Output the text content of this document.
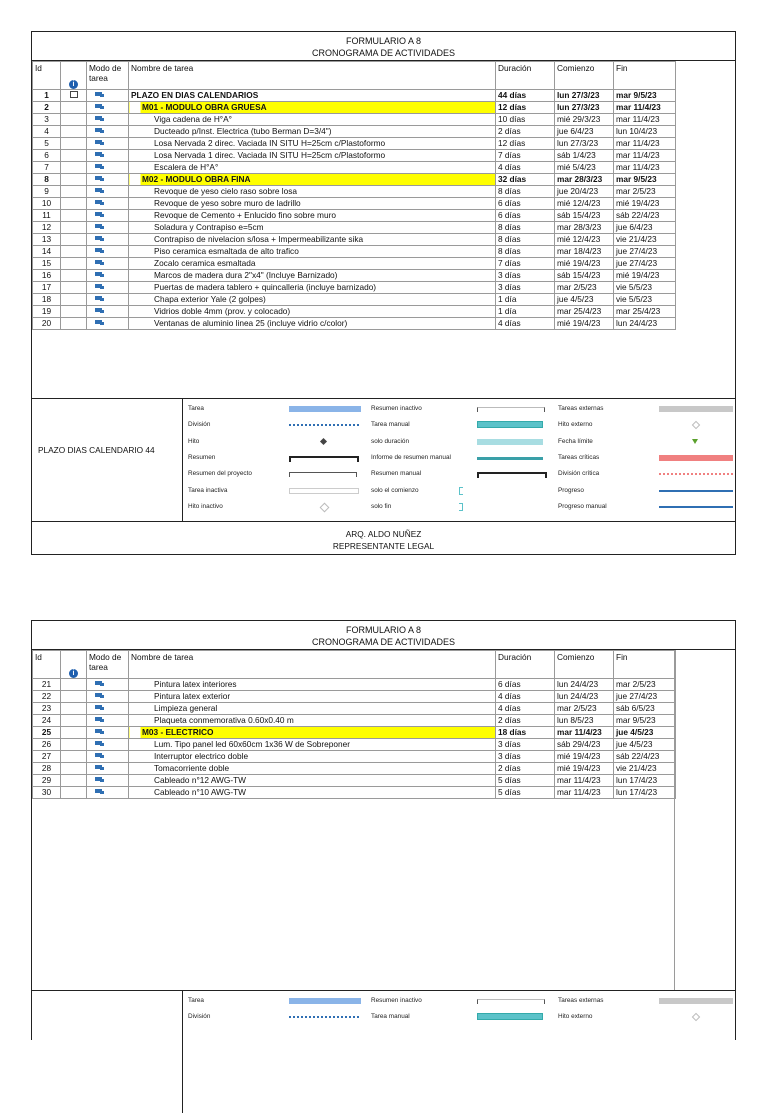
FORMULARIO A 8
CRONOGRAMA DE ACTIVIDADES
Id	i	Modo de tarea	Nombre de tarea	Duración	Comienzo	Fin
1			PLAZO EN DIAS CALENDARIOS	44 días	lun 27/3/23	mar 9/5/23
2			M01 - MODULO OBRA GRUESA	12 días	lun 27/3/23	mar 11/4/23
3			Viga cadena de H°A°	10 días	mié 29/3/23	mar 11/4/23
4			Ducteado p/Inst. Electrica (tubo Berman D=3/4")	2 días	jue 6/4/23	lun 10/4/23
5			Losa Nervada 2 direc. Vaciada IN SITU H=25cm c/Plastoformo	12 días	lun 27/3/23	mar 11/4/23
6			Losa Nervada 1 direc. Vaciada IN SITU H=25cm c/Plastoformo	7 días	sáb 1/4/23	mar 11/4/23
7			Escalera de H°A°	4 días	mié 5/4/23	mar 11/4/23
8			M02 - MODULO OBRA FINA	32 días	mar 28/3/23	mar 9/5/23
9			Revoque de yeso cielo raso sobre losa	8 días	jue 20/4/23	mar 2/5/23
10			Revoque de yeso sobre muro de ladrillo	6 días	mié 12/4/23	mié 19/4/23
11			Revoque de Cemento + Enlucido fino sobre muro	6 días	sáb 15/4/23	sáb 22/4/23
12			Soladura y Contrapiso e=5cm	8 días	mar 28/3/23	jue 6/4/23
13			Contrapiso de nivelacion s/losa + Impermeabilizante sika	8 días	mié 12/4/23	vie 21/4/23
14			Piso ceramica esmaltada de alto trafico	8 días	mar 18/4/23	jue 27/4/23
15			Zocalo ceramica esmaltada	7 días	mié 19/4/23	jue 27/4/23
16			Marcos de madera dura 2"x4" (Incluye Barnizado)	3 días	sáb 15/4/23	mié 19/4/23
17			Puertas de madera tablero + quincalleria (incluye barnizado)	3 días	mar 2/5/23	vie 5/5/23
18			Chapa exterior Yale (2 golpes)	1 día	jue 4/5/23	vie 5/5/23
19			Vidrios doble 4mm (prov. y colocado)	1 día	mar 25/4/23	mar 25/4/23
20			Ventanas de aluminio linea 25 (incluye vidrio c/color)	4 días	mié 19/4/23	lun 24/4/23
PLAZO DIAS CALENDARIO 44
Tarea	Resumen inactivo	Tareas externas
División	Tarea manual	Hito externo
Hito	solo duración	Fecha límite
Resumen	Informe de resumen manual	Tareas críticas
Resumen del proyecto	Resumen manual	División crítica
Tarea inactiva	solo el comienzo	Progreso
Hito inactivo	solo fin	Progreso manual
ARQ. ALDO NUÑEZ
REPRESENTANTE LEGAL
FORMULARIO A 8
CRONOGRAMA DE ACTIVIDADES
Id	i	Modo de tarea	Nombre de tarea	Duración	Comienzo	Fin
21			Pintura latex interiores	6 días	lun 24/4/23	mar 2/5/23
22			Pintura latex exterior	4 días	lun 24/4/23	jue 27/4/23
23			Limpieza general	4 días	mar 2/5/23	sáb 6/5/23
24			Plaqueta conmemorativa 0.60x0.40 m	2 días	lun 8/5/23	mar 9/5/23
25			M03 - ELECTRICO	18 días	mar 11/4/23	jue 4/5/23
26			Lum. Tipo panel led 60x60cm 1x36 W de Sobreponer	3 días	sáb 29/4/23	jue 4/5/23
27			Interruptor electrico doble	3 días	mié 19/4/23	sáb 22/4/23
28			Tomacorriente doble	2 días	mié 19/4/23	vie 21/4/23
29			Cableado n°12 AWG-TW	5 días	mar 11/4/23	lun 17/4/23
30			Cableado n°10 AWG-TW	5 días	mar 11/4/23	lun 17/4/23
Tarea	Resumen inactivo	Tareas externas
División	Tarea manual	Hito externo
